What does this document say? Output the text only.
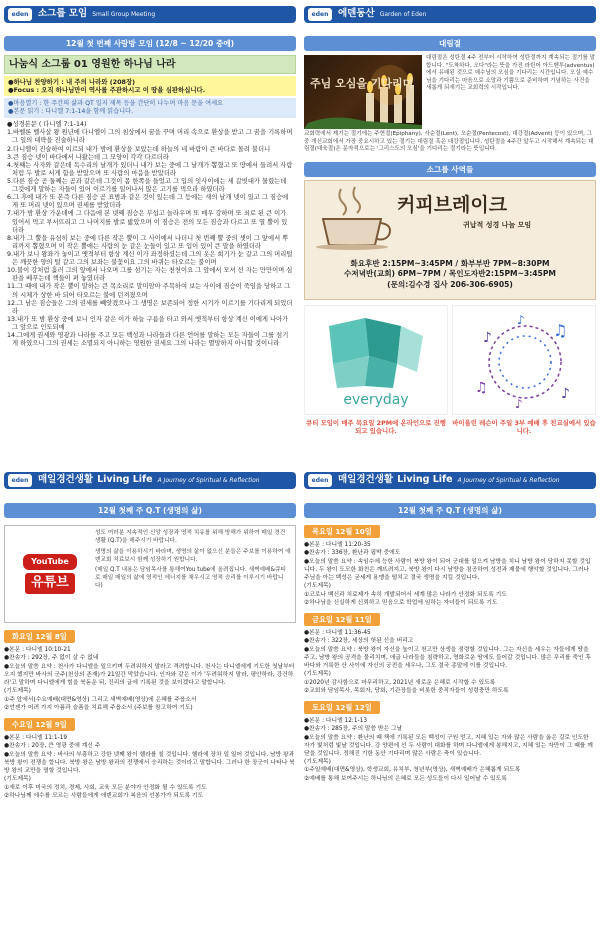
eden	소그룹 모임 Small Group Meeting
12월 첫 번째 사랑방 모임 (12/8 ~ 12/20 중에)
나눔식 소그룹 01 영원한 하나님 나라
●하나님 찬양하기 : 내 주의 나라와 (208장)
●Focus : 오직 하나님만이 역사를 주관하시고 이 땅을 심판하십니다.
●마음열기 : 한 주간의 삶과 QT 일지 제목 등을 간단히 나누며 마음 문을 여세요
●본문 읽기 : 다니엘 7:1-14을 함께 읽습니다.

●성경본문 ( 다니엘 7:1-14)

1.바벨론 벨사살 왕 원년에 다니엘이 그의 침상에서 꿈을 꾸며 머리 속으로 환상을 받고 그 꿈을 기록하며 그 일의 대략을 진술하니라

2.다니엘이 진술하여 이르되 내가 밤에 환상을 보았는데 하늘의 네 바람이 큰 바다로 몰려 불더니

3.큰 짐승 넷이 바다에서 나왔는데 그 모양이 각각 다르더라

4.첫째는 사자와 같은데 독수리의 날개가 있더니 내가 보는 중에 그 날개가 뽑혔고 또 땅에서 들려서 사람처럼 두 발로 서게 함을 받았으며 또 사람의 마음을 받았더라

5.다른 짐승 곧 둘째는 곰과 같은데 그것이 몸 한쪽을 들었고 그 입의 잇사이에는 세 갈빗대가 물렸는데 그것에게 말하는 자들이 있어 이르기를 일어나서 많은 고기를 먹으라 하였더라

6.그 후에 내가 또 본즉 다른 짐승 곧 표범과 같은 것이 있는데 그 등에는 새의 날개 넷이 있고 그 짐승에게 또 머리 넷이 있으며 권세를 받았더라

7.내가 밤 환상 가운데에 그 다음에 본 넷째 짐승은 무섭고 놀라우며 또 매우 강하며 또 쇠로 된 큰 이가 있어서 먹고 부서뜨리고 그 나머지를 발로 밟았으며 이 짐승은 전의 모든 짐승과 다르고 또 열 뿔이 있더라

8.내가 그 뿔을 유심히 보는 중에 다른 작은 뿔이 그 사이에서 나더니 첫 번째 뿔 중의 셋이 그 앞에서 뿌리까지 뽑혔으며 이 작은 뿔에는 사람의 눈 같은 눈들이 있고 또 입이 있어 큰 말을 하였더라

9.내가 보니 왕좌가 놓이고 옛적부터 항상 계신 이가 좌정하셨는데 그의 옷은 희기가 눈 같고 그의 머리털은 깨끗한 양의 털 같고 그의 보좌는 불꽃이요 그의 바퀴는 타오르는 불이며

10.불이 강처럼 흘러 그의 앞에서 나오며 그를 섬기는 자는 천천이요 그 앞에서 모셔 선 자는 만만이며 심판을 베푸는데 책들이 펴 놓였더라

11.그 때에 내가 작은 뿔이 말하는 큰 목소리로 말미암아 주목하여 보는 사이에 짐승이 죽임을 당하고 그의 시체가 상한 바 되어 타오르는 불에 던져졌으며

12.그 남은 짐승들은 그의 권세를 빼앗겼으나 그 생명은 보존되어 정한 시기가 이르기를 기다리게 되었더라

13.내가 또 밤 환상 중에 보니 인자 같은 이가 하늘 구름을 타고 와서 옛적부터 항상 계신 이에게 나아가 그 앞으로 인도되매

14.그에게 권세와 영광과 나라를 주고 모든 백성과 나라들과 다른 언어를 말하는 모든 자들이 그를 섬기게 하였으니 그의 권세는 소멸되지 아니하는 영원한 권세요 그의 나라는 멸망하지 아니할 것이니라

eden	에덴동산 Garden of Eden
대림절
주님 오심을 기다리며
대림절은 성탄절 4주 전부터 시작하여 성탄절까지 계속되는 절기를 말합니다. "도착하다, 오다"라는 뜻을 가진 라틴어 아드벤투(adventus)에서 유래된 것으로 예수님의 오심을 기다리는 시간입니다. 오실 예수님을 기다리는 마음으로 소망과 기쁨으로 준비하며 기념하는 사건을 새롭게 되새기는 교회력의 시작입니다.
교회력에서 제기는 절기에는 주현절(Epiphany), 사순절(Lent), 오순절(Pentecost), 대강절(Advent) 등이 있으며, 그 중 개신교회에서 가장 중요시하고 있는 절기는 대림절 혹은 대강절입니다. 성탄절을 4주간 앞두고 시작해서 계속되는 대림절(대육절)은 문자적으로는 '그리스도의 오심'을 기다리는 절기라는 뜻입니다.
소그룹 사역들
커피브레이크
귀납적 성경 나눔 모임
화요후반 2:15PM~3:45PM / 화부부반 7PM~8:30PM
수저녁반(교회) 6PM~7PM / 목인도자반2:15PM~3:45PM
(문의:김수경 집사 206-306-6905)
everyday
큐티 모임이 매주 목요일 2PM에 온라인으로 진행되고 있습니다.
♪	♫
♫	♪
♪
♪
바이올린 레슨이 주일 3부 예배 후 친교실에서 있습니다.
eden	매일경건생활 Living Life A Journey of Spiritual & Reflection
12월 첫째 주 Q.T (생명의 삶)
YouTube
유튜브
성도 여러분 지속적인 신앙 성장과 영적 치유를 위해 방해가 위하여 매일 경건 생활 (Q.T)을 해주시기 바랍니다.
생명의 삶을 이용하시기 바라며, 생명의 삶이 없으신 분들은 주보를 이용하여 에덴교회 치료보시 함께 성장하기 원합니다.
(매일 Q.T 내용은 담임목사를 통해여You tube에 올려집니다. 새벽예배&큐티로 매일 매일의 삶에 영적인 에너지를 채우시고 영적 승리를 이루시기 바랍니다)
화요일 12월 8일

●본문 : 다니엘 10:10-21

●찬송가 : 292장, 주 없이 살 수 없네

●오늘의 말씀 요약 : 천사가 다니엘을 일으키며 두려워하지 말라고 격려합니다. 천사는 다니엘에게 기도한 첫날부터 오지 했지만 바사의 군주(천상의 존재)가 21일간 막았습니다. 인자와 같은 이가 '두려워하지 말라, 평안하라, 강건하라'고 말하며 다니엘에게 힘을 북돋운 뒤, 진리의 글에 기록된 것을 보이겠다고 말합니다.

(기도제목)

①주 앞에서(수요예배(대면&영상) 그리고 새벽예배(영상)에 은혜를 주옵소서

②언젠가 어려 가지 아픔과 슬픔을 치료해 주옵소서 (주보를 참고하여 기도)

수요일 12월 9일

●본문 : 다니엘 11:1-19

●찬송가 : 20장, 큰 영광 중에 계신 주

●오늘의 말씀 요약 : 바사의 부흥하고 강한 넷째 왕이 헬라를 칠 것입니다. 헬라에 장차 일 일어 것입니다. 남방 왕과 북방 왕이 전쟁을 합니다. 북방 왕은 남방 왕과의 전쟁에서 승리하는 것이라고 말합니다. 그러나 한 장군이 나타나 북방 왕의 교만을 멸할 것입니다.

(기도제목)

①새로 이후 미국의 정치, 경제, 사회, 교육 모든 분야가 안정화 될 수 있도록 기도

②하나님께 에수를 모르는 사람들에게 에덴교회가 복음의 선봉가가 되도록 기도

eden	매일경건생활 Living Life A Journey of Spiritual & Reflection
12월 첫째 주 Q.T (생명의 삶)
목요일 12월 10일

●본문 : 다니엘 11:20-35

●찬송가 : 336장, 환난과 핍박 중에도

●오늘의 말씀 요약 : 속임수에 능한 사람이 북방 왕이 되어 군대를 일으켜 남방을 치니 남방 왕이 당하지 못할 것입니다. 두 왕이 도모한 화친은 깨뜨려지고, 북방 왕이 다시 남방을 침공하여 성전과 제물에 행악할 것입니다. 그러나 주님을 아는 백성은 굳세게 용맹을 떨치고 결국 생명을 지킬 것입니다.

(기도제목)

①코로나 백신과 치료제가 속히 개발되어서 세계 많은 나라가 안정화 되도록 기도

②하나님을 신실하게 신뢰하고 믿음으로 학업에 임하는 자녀들이 되도록 기도

금요일 12월 11일

●본문 : 다니엘 11:36-45

●찬송가 : 322장, 세상의 헛된 신을 버리고

●오늘의 말씀 요약 : 북방 왕이 자신을 높이고 천고만 상생을 점령할 것입니다. 그는 자신을 세우는 자들에게 땅을 주고, 남방 왕의 공격을 물리치며, 애굽 나라들을 침략하고, 영화로운 땅에도 들어갈 것입니다. 많은 무리를 죽인 후 바다와 거룩한 산 사이에 자신의 궁전을 세우나, 그도 결국 종말에 이를 것입니다.

(기도제목)

①2020년 감사함으로 마무리하고, 2021년 새로운 은혜로 시작할 수 있도록

②교회와 담임목사, 목회자, 당회, 기관장들을 비롯한 중직자들이 성령충만 하도록

토요일 12월 12일

●본문 : 다니엘 12:1-13

●찬송가 : 285장, 주의 말씀 받은 그날

●오늘의 말씀 요약 : 환난의 때 책에 기록된 모든 백성이 구원 얻고, 지혜 있는 자와 많은 사람을 옳은 길로 인도한 자가 빛처럼 빛날 것입니다. 강 양편에 선 두 사람이 대화를 하며 다니엘에게 봉해지고, 지혜 있는 자만이 그 때를 깨닫을 것입니다. 정해진 기한 동안 기다리며 많은 사람은 축이 있습니다.

(기도제목)

①주일예배(대면&영상), 학생교회, 유치부, 청년부(영상), 새벽예배가 은혜롭게 되도록

②예배를 통해 보여주시는 하나님의 은혜로 모든 성도들이 다시 일어날 수 있도록
